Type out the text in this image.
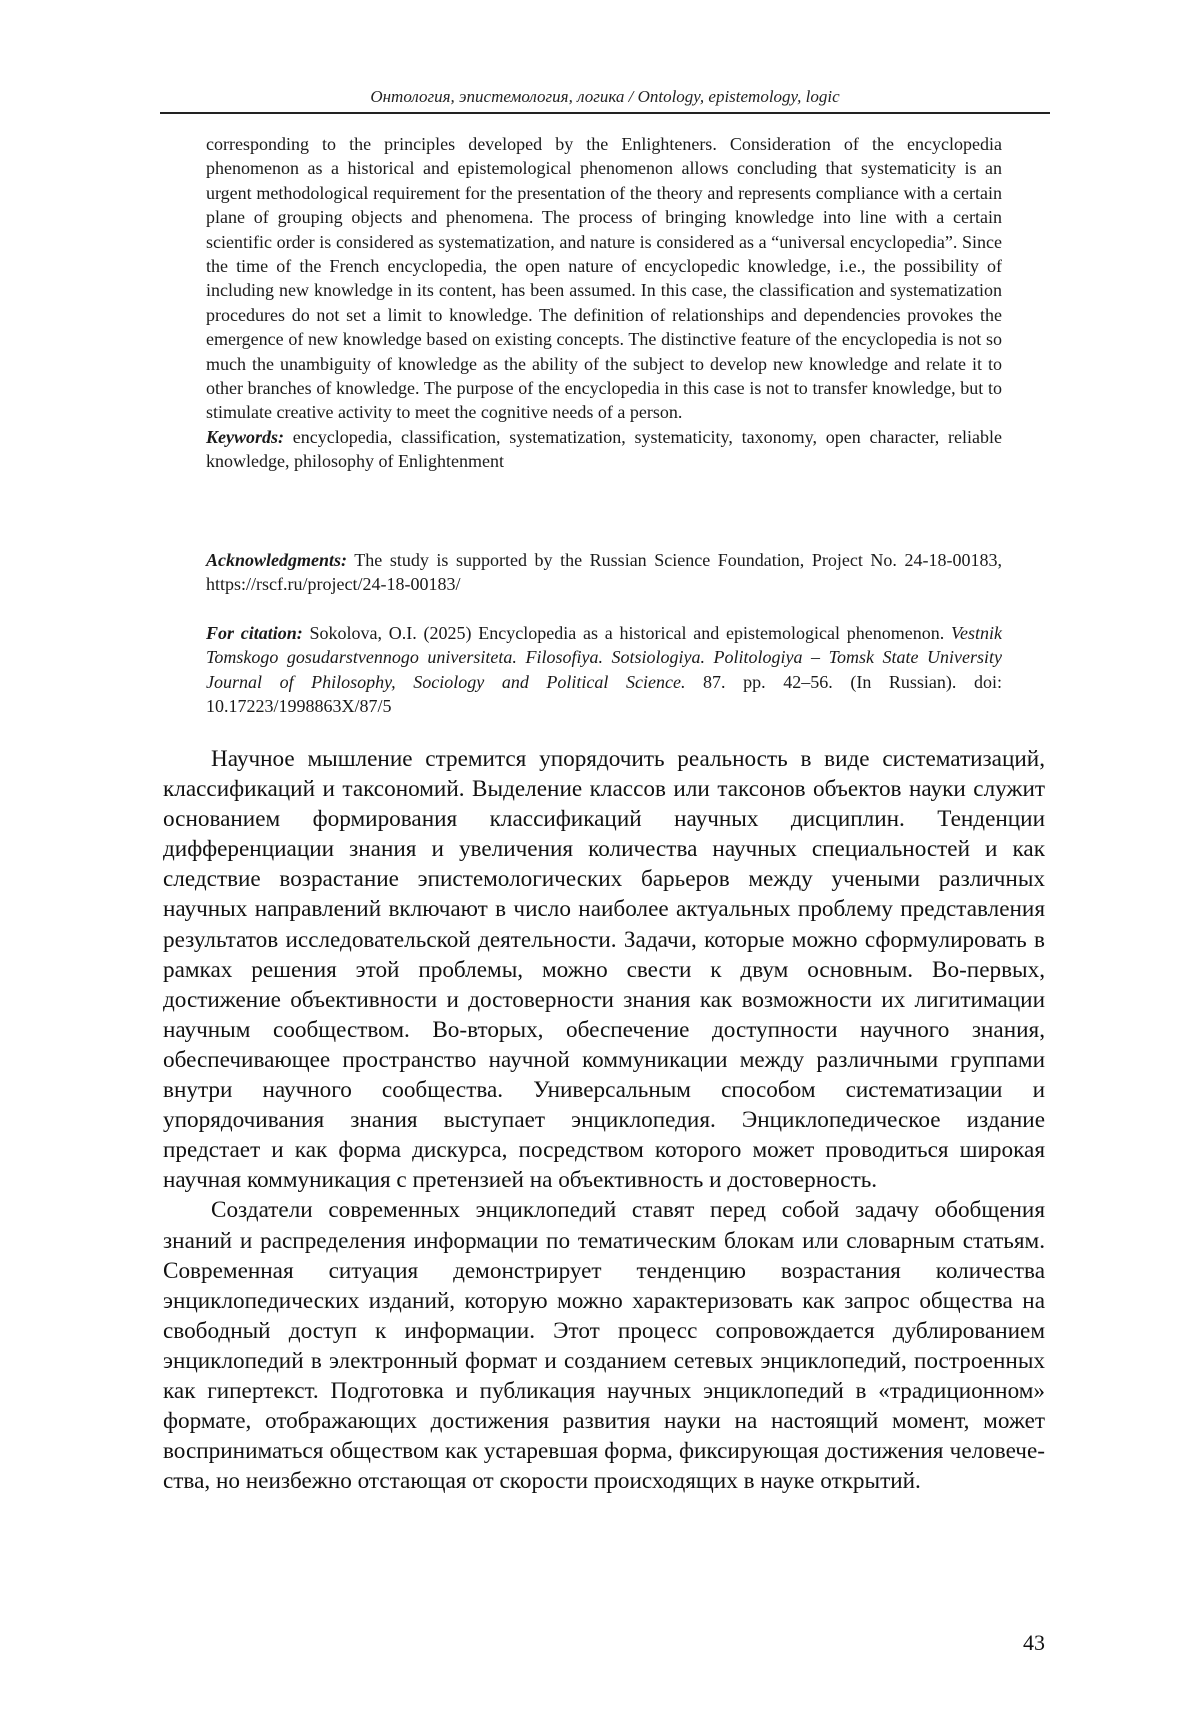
Онтология, эпистемология, логика / Ontology, epistemology, logic

corresponding to the principles developed by the Enlighteners. Consideration of the encyclopedia phenomenon as a historical and epistemological phenomenon allows concluding that systematicity is an urgent methodological requirement for the presentation of the theory and represents compliance with a certain plane of grouping objects and phenomena. The process of bringing knowledge into line with a certain scientific order is considered as systematization, and nature is considered as a “universal encyclopedia”. Since the time of the French encyclopedia, the open nature of encyclopedic knowledge, i.e., the possibility of including new knowledge in its content, has been assumed. In this case, the classification and systematization procedures do not set a limit to knowledge. The definition of relationships and dependencies provokes the emergence of new knowledge based on existing concepts. The distinctive feature of the encyclopedia is not so much the unambiguity of knowledge as the ability of the subject to develop new knowledge and relate it to other branches of knowledge. The purpose of the encyclopedia in this case is not to transfer knowledge, but to stimulate creative activity to meet the cognitive needs of a person.

Keywords: encyclopedia, classification, systematization, systematicity, taxonomy, open character, reliable knowledge, philosophy of Enlightenment

Acknowledgments: The study is supported by the Russian Science Foundation, Project No. 24-18-00183, https://rscf.ru/project/24-18-00183/

For citation: Sokolova, O.I. (2025) Encyclopedia as a historical and epistemological phenomenon. Vestnik Tomskogo gosudarstvennogo universiteta. Filosofiya. Sotsiologiya. Politologiya – Tomsk State University Journal of Philosophy, Sociology and Political Science. 87. pp. 42–56. (In Russian). doi: 10.17223/1998863X/87/5

Научное мышление стремится упорядочить реальность в виде систематизаций, классификаций и таксономий. Выделение классов или таксонов объектов науки служит основанием формирования классификаций научных дисциплин. Тенденции дифференциации знания и увеличения количества научных специальностей и как следствие возрастание эпистемологических барьеров между учеными различных научных направлений включают в число наиболее актуальных проблему представления результатов исследовательской деятельности. Задачи, которые можно сформулировать в рамках решения этой проблемы, можно свести к двум основным. Во-первых, достижение объективности и достоверности знания как возможности их лигитимации научным сообществом. Во-вторых, обеспечение доступности научного знания, обеспечивающее пространство научной коммуникации между различными группами внутри научного сообщества. Универсальным способом систематизации и упорядочивания знания выступает энциклопедия. Энциклопедическое издание предстает и как форма дискурса, посредством которого может проводиться широкая научная коммуникация с претензией на объективность и достоверность.

Создатели современных энциклопедий ставят перед собой задачу обобщения знаний и распределения информации по тематическим блокам или словарным статьям. Современная ситуация демонстрирует тенденцию возрастания количества энциклопедических изданий, которую можно характеризовать как запрос общества на свободный доступ к информации. Этот процесс сопровождается дублированием энциклопедий в электронный формат и созданием сетевых энциклопедий, построенных как гипертекст. Подготовка и публикация научных энциклопедий в «традиционном» формате, отображающих достижения развития науки на настоящий момент, может восприниматься обществом как устаревшая форма, фиксирующая достижения человечества, но неизбежно отстающая от скорости происходящих в науке открытий.

43
